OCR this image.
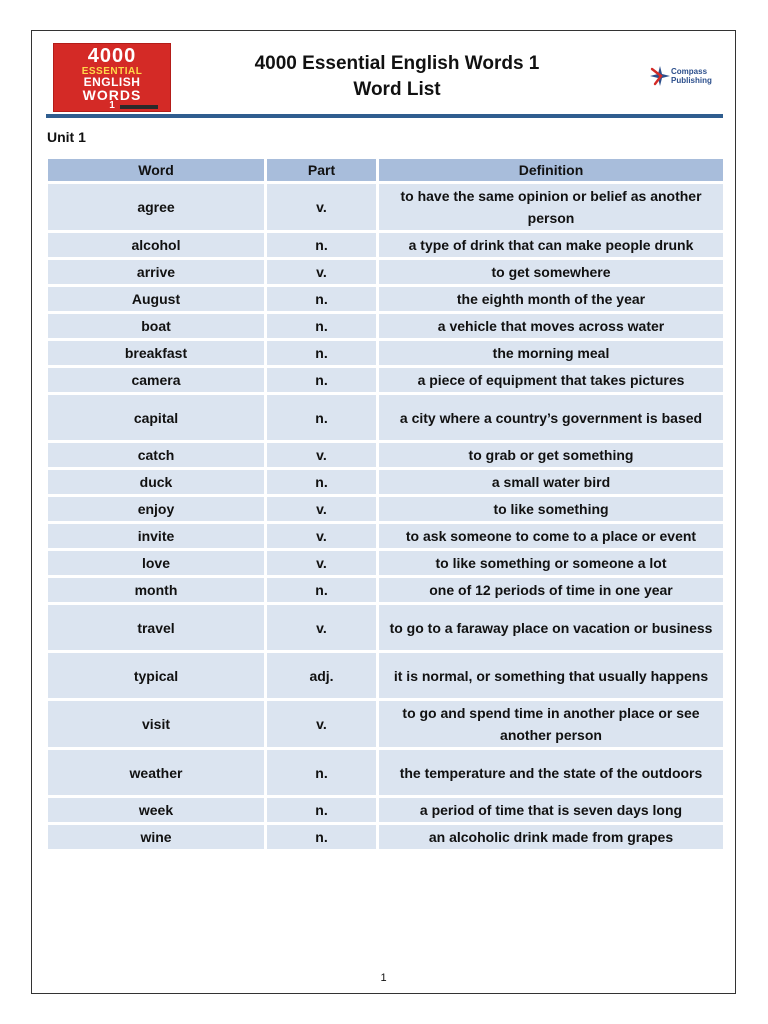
4000
ESSENTIAL
ENGLISH
WORDS
1
4000 Essential English Words 1
Word List
Compass
Publishing
Unit 1
Word	Part	Definition
agree	v.	to have the same opinion or belief as another person
alcohol	n.	a type of drink that can make people drunk
arrive	v.	to get somewhere
August	n.	the eighth month of the year
boat	n.	a vehicle that moves across water
breakfast	n.	the morning meal
camera	n.	a piece of equipment that takes pictures
capital	n.	a city where a country’s government is based
catch	v.	to grab or get something
duck	n.	a small water bird
enjoy	v.	to like something
invite	v.	to ask someone to come to a place or event
love	v.	to like something or someone a lot
month	n.	one of 12 periods of time in one year
travel	v.	to go to a faraway place on vacation or business
typical	adj.	it is normal, or something that usually happens
visit	v.	to go and spend time in another place or see another person
weather	n.	the temperature and the state of the outdoors
week	n.	a period of time that is seven days long
wine	n.	an alcoholic drink made from grapes
1
